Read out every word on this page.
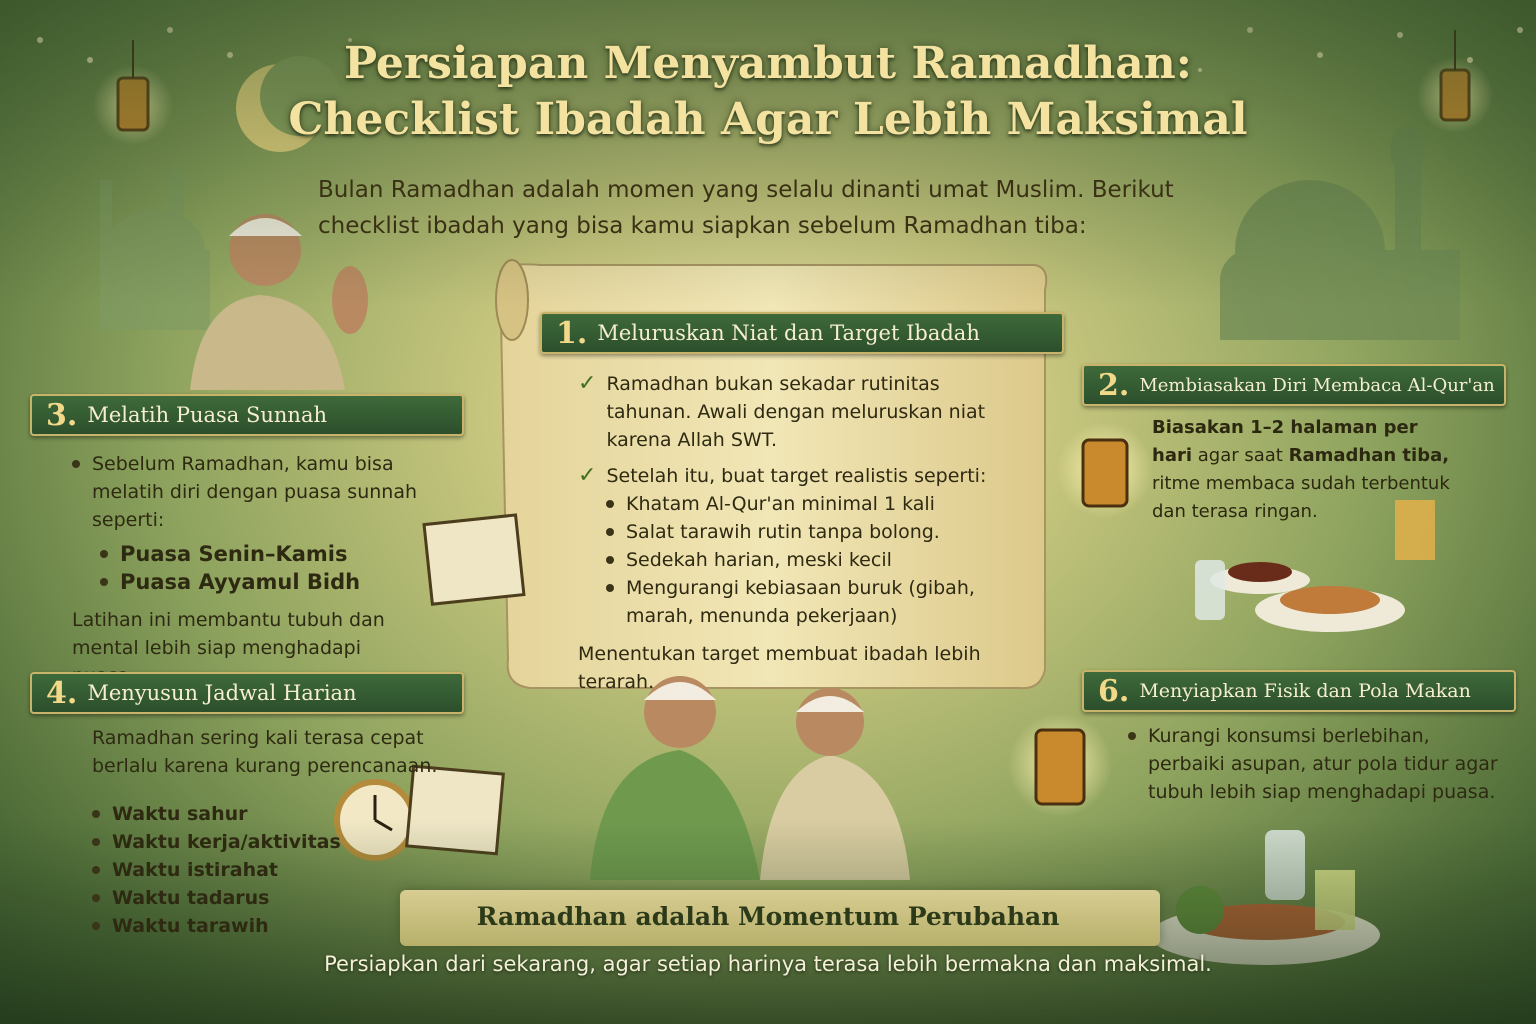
Persiapan Menyambut Ramadhan:
Checklist Ibadah Agar Lebih Maksimal
Bulan Ramadhan adalah momen yang selalu dinanti umat Muslim. Berikut checklist ibadah yang bisa kamu siapkan sebelum Ramadhan tiba:
1. Meluruskan Niat dan Target Ibadah
✓ Ramadhan bukan sekadar rutinitas tahunan. Awali dengan meluruskan niat karena Allah SWT.
✓ Setelah itu, buat target realistis seperti:
Khatam Al-Qur'an minimal 1 kali
Salat tarawih rutin tanpa bolong.
Sedekah harian, meski kecil
Mengurangi kebiasaan buruk (gibah, marah, menunda pekerjaan)
Menentukan target membuat ibadah lebih terarah.
2. Membiasakan Diri Membaca Al-Qur'an
Biasakan 1–2 halaman per hari agar saat Ramadhan tiba, ritme membaca sudah terbentuk dan terasa ringan.
3. Melatih Puasa Sunnah
Sebelum Ramadhan, kamu bisa melatih diri dengan puasa sunnah seperti:
Puasa Senin–Kamis
Puasa Ayyamul Bidh
Latihan ini membantu tubuh dan mental lebih siap menghadapi
4. Menyusun Jadwal Harian
Ramadhan sering kali terasa cepat berlalu karena kurang perencanaan.
Waktu sahur
Waktu kerja/aktivitas
Waktu istirahat
Waktu tadarus
Waktu tarawih
6. Menyiapkan Fisik dan Pola Makan
Kurangi konsumsi berlebihan, perbaiki asupan, atur pola tidur agar tubuh lebih siap menghadapi puasa.
Ramadhan adalah Momentum Perubahan
Persiapkan dari sekarang, agar setiap harinya terasa lebih bermakna dan maksimal.
